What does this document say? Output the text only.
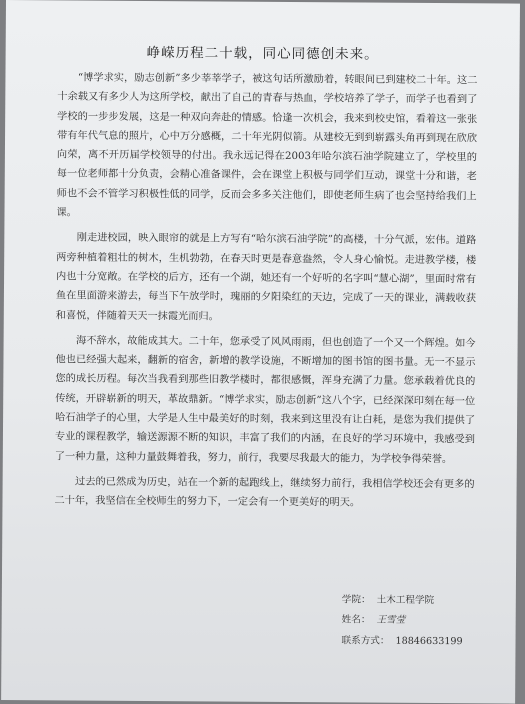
峥嵘历程二十载，同心同德创未来。

“博学求实，励志创新”多少莘莘学子，被这句话所激励着，转眼间已到建校二十年。这二十余载又有多少人为这所学校，献出了自己的青春与热血，学校培养了学子，而学子也看到了学校的一步步发展，这是一种双向奔赴的情感。恰逢一次机会，我来到校史馆，看着这一张张带有年代气息的照片，心中万分感概，二十年光阴似箭。从建校无到到崭露头角再到现在欣欣向荣，离不开历届学校领导的付出。我永远记得在2003年哈尔滨石油学院建立了，学校里的每一位老师都十分负责，会精心准备课件，会在课堂上积极与同学们互动，课堂十分和谐，老师也不会不管学习积极性低的同学，反而会多多关注他们，即使老师生病了也会坚持给我们上课。

刚走进校园，映入眼帘的就是上方写有“哈尔滨石油学院”的高楼，十分气派，宏伟。道路两旁种植着粗壮的树木，生机勃勃，在春天时更是春意盎然，令人身心愉悦。走进教学楼，楼内也十分宽敞。在学校的后方，还有一个湖，她还有一个好听的名字叫“慧心湖”，里面时常有鱼在里面游来游去，每当下午放学时，瑰丽的夕阳染红的天边，完成了一天的课业，满载收获和喜悦，伴随着天天一抹霞光而归。

海不辞水，故能成其大。二十年，您承受了风风雨雨，但也创造了一个又一个辉煌。如今他也已经强大起来，翻新的宿舍，新增的教学设施，不断增加的图书馆的图书量。无一不显示您的成长历程。每次当我看到那些旧教学楼时，都很感慨，浑身充满了力量。您承载着优良的传统，开辟崭新的明天，革故鼎新。“博学求实，励志创新”这八个字，已经深深印刻在每一位哈石油学子的心里，大学是人生中最美好的时刻，我来到这里没有让白耗，是您为我们提供了专业的课程教学，输送源源不断的知识，丰富了我们的内涵，在良好的学习环境中，我感受到了一种力量，这种力量鼓舞着我，努力，前行，我要尽我最大的能力，为学校争得荣誉。

过去的已然成为历史，站在一个新的起跑线上，继续努力前行，我相信学校还会有更多的二十年，我坚信在全校师生的努力下，一定会有一个更美好的明天。

学院： 土木工程学院
姓名： 王雪莹
联系方式： 18846633199
